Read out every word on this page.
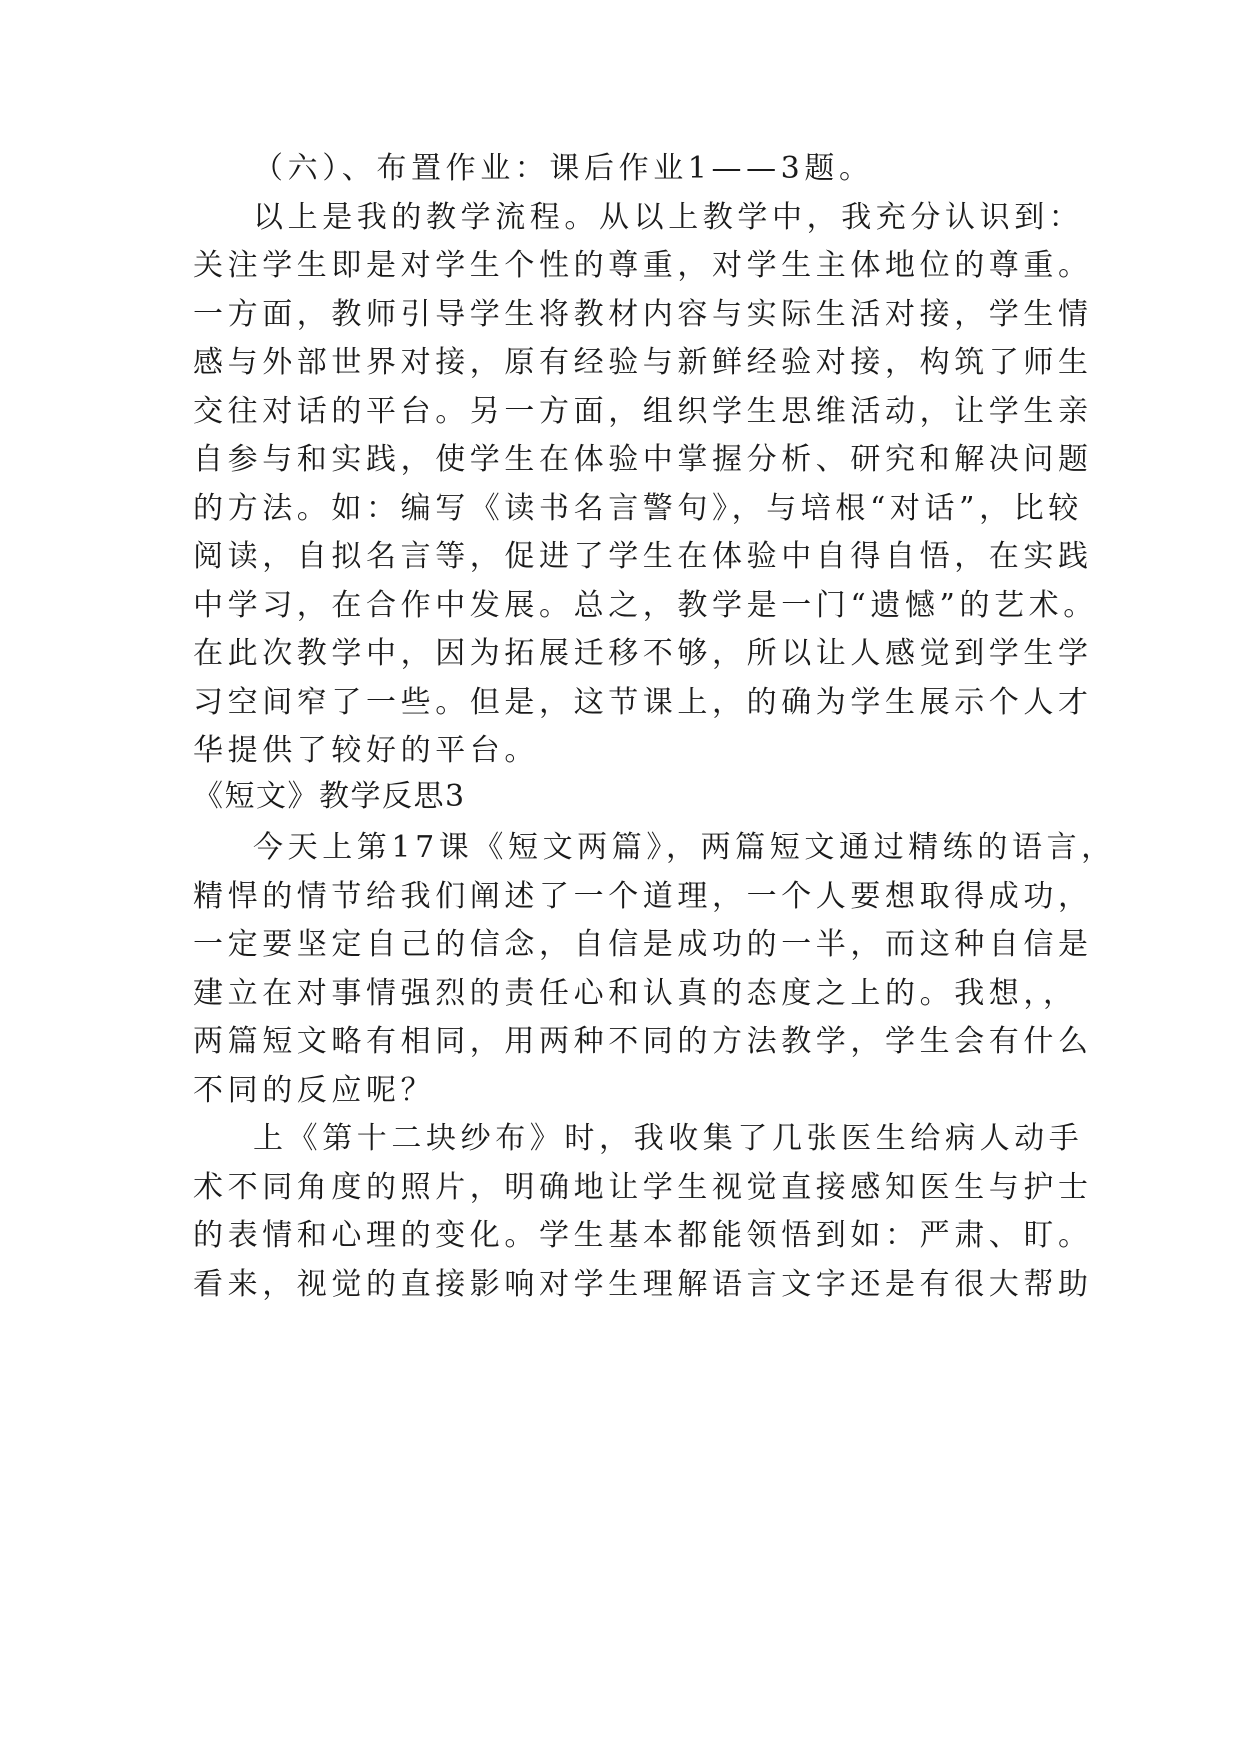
（六）、布置作业：课后作业1——3题。
以上是我的教学流程。从以上教学中，我充分认识到：
关注学生即是对学生个性的尊重，对学生主体地位的尊重。
一方面，教师引导学生将教材内容与实际生活对接，学生情
感与外部世界对接，原有经验与新鲜经验对接，构筑了师生
交往对话的平台。另一方面，组织学生思维活动，让学生亲
自参与和实践，使学生在体验中掌握分析、研究和解决问题
的方法。如：编写《读书名言警句》，与培根“对话”，比较
阅读，自拟名言等，促进了学生在体验中自得自悟，在实践
中学习，在合作中发展。总之，教学是一门“遗憾”的艺术。
在此次教学中，因为拓展迁移不够，所以让人感觉到学生学
习空间窄了一些。但是，这节课上，的确为学生展示个人才
华提供了较好的平台。
《短文》教学反思3
今天上第17课《短文两篇》，两篇短文通过精练的语言，
精悍的情节给我们阐述了一个道理，一个人要想取得成功，
一定要坚定自己的信念，自信是成功的一半，而这种自信是
建立在对事情强烈的责任心和认真的态度之上的。我想，，
两篇短文略有相同，用两种不同的方法教学，学生会有什么
不同的反应呢？
上《第十二块纱布》时，我收集了几张医生给病人动手
术不同角度的照片，明确地让学生视觉直接感知医生与护士
的表情和心理的变化。学生基本都能领悟到如：严肃、盯。
看来，视觉的直接影响对学生理解语言文字还是有很大帮助
